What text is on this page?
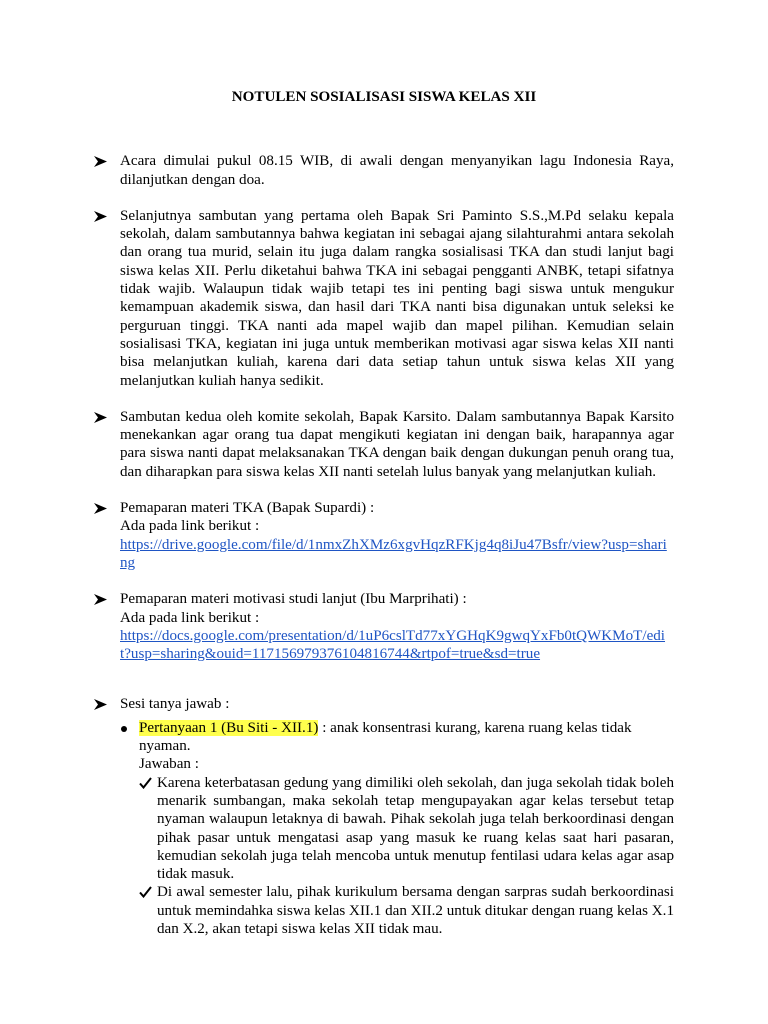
NOTULEN SOSIALISASI SISWA KELAS XII

Acara dimulai pukul 08.15 WIB, di awali dengan menyanyikan lagu Indonesia Raya, dilanjutkan dengan doa.

Selanjutnya sambutan yang pertama oleh Bapak Sri Paminto S.S.,M.Pd selaku kepala sekolah, dalam sambutannya bahwa kegiatan ini sebagai ajang silahturahmi antara sekolah dan orang tua murid, selain itu juga dalam rangka sosialisasi TKA dan studi lanjut bagi siswa kelas XII. Perlu diketahui bahwa TKA ini sebagai pengganti ANBK, tetapi sifatnya tidak wajib. Walaupun tidak wajib tetapi tes ini penting bagi siswa untuk mengukur kemampuan akademik siswa, dan hasil dari TKA nanti bisa digunakan untuk seleksi ke perguruan tinggi. TKA nanti ada mapel wajib dan mapel pilihan. Kemudian selain sosialisasi TKA, kegiatan ini juga untuk memberikan motivasi agar siswa kelas XII nanti bisa melanjutkan kuliah, karena dari data setiap tahun untuk siswa kelas XII yang melanjutkan kuliah hanya sedikit.

Sambutan kedua oleh komite sekolah, Bapak Karsito. Dalam sambutannya Bapak Karsito menekankan agar orang tua dapat mengikuti kegiatan ini dengan baik, harapannya agar para siswa nanti dapat melaksanakan TKA dengan baik dengan dukungan penuh orang tua, dan diharapkan para siswa kelas XII nanti setelah lulus banyak yang melanjutkan kuliah.

Pemaparan materi TKA (Bapak Supardi) :

Ada pada link berikut :

https://drive.google.com/file/d/1nmxZhXMz6xgvHqzRFKjg4q8iJu47Bsfr/view?usp=sharing

Pemaparan materi motivasi studi lanjut (Ibu Marprihati) :

Ada pada link berikut :

https://docs.google.com/presentation/d/1uP6cslTd77xYGHqK9gwqYxFb0tQWKMoT/edit?usp=sharing&ouid=117156979376104816744&rtpof=true&sd=true

Sesi tanya jawab :

Pertanyaan 1 (Bu Siti - XII.1) : anak konsentrasi kurang, karena ruang kelas tidak nyaman.

Jawaban :

Karena keterbatasan gedung yang dimiliki oleh sekolah, dan juga sekolah tidak boleh menarik sumbangan, maka sekolah tetap mengupayakan agar kelas tersebut tetap nyaman walaupun letaknya di bawah. Pihak sekolah juga telah berkoordinasi dengan pihak pasar untuk mengatasi asap yang masuk ke ruang kelas saat hari pasaran, kemudian sekolah juga telah mencoba untuk menutup fentilasi udara kelas agar asap tidak masuk.

Di awal semester lalu, pihak kurikulum bersama dengan sarpras sudah berkoordinasi untuk memindahka siswa kelas XII.1 dan XII.2 untuk ditukar dengan ruang kelas X.1 dan X.2, akan tetapi siswa kelas XII tidak mau.
